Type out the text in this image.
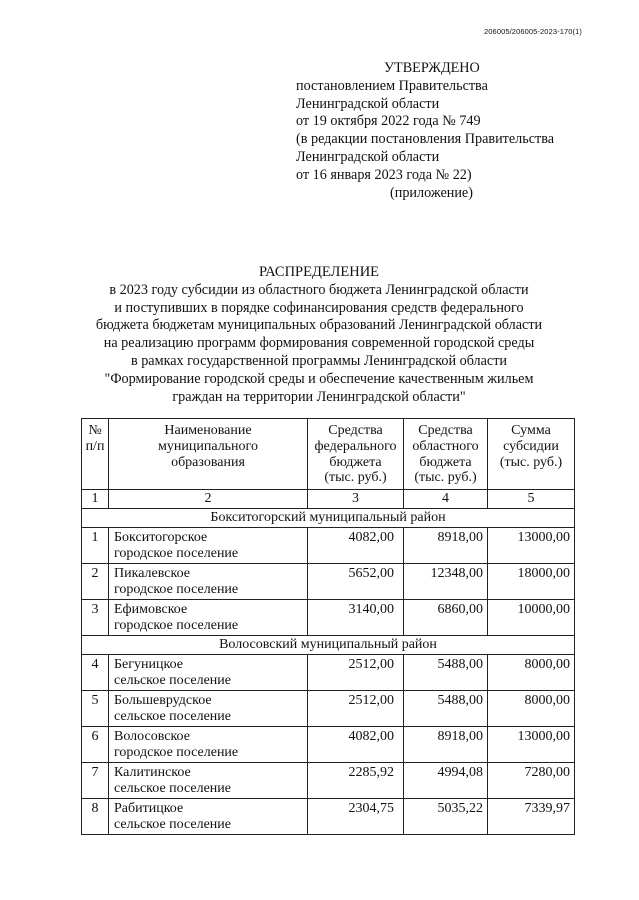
206005/206005-2023-170(1)
УТВЕРЖДЕНО
постановлением Правительства
Ленинградской области
от 19 октября 2022 года № 749
(в редакции постановления Правительства
Ленинградской области
от 16 января 2023 года № 22)
(приложение)
РАСПРЕДЕЛЕНИЕ
в 2023 году субсидии из областного бюджета Ленинградской области
и поступивших в порядке софинансирования средств федерального
бюджета бюджетам муниципальных образований Ленинградской области
на реализацию программ формирования современной городской среды
в рамках государственной программы Ленинградской области
"Формирование городской среды и обеспечение качественным жильем
граждан на территории Ленинградской области"
№
п/п	Наименование
муниципального
образования	Средства
федерального
бюджета
(тыс. руб.)	Средства
областного
бюджета
(тыс. руб.)	Сумма
субсидии
(тыс. руб.)
1	2	3	4	5
Бокситогорский муниципальный район				
1	Бокситогорское
городское поселение	4082,00	8918,00	13000,00
2	Пикалевское
городское поселение	5652,00	12348,00	18000,00
3	Ефимовское
городское поселение	3140,00	6860,00	10000,00
Волосовский муниципальный район				
4	Бегуницкое
сельское поселение	2512,00	5488,00	8000,00
5	Большеврудское
сельское поселение	2512,00	5488,00	8000,00
6	Волосовское
городское поселение	4082,00	8918,00	13000,00
7	Калитинское
сельское поселение	2285,92	4994,08	7280,00
8	Рабитицкое
сельское поселение	2304,75	5035,22	7339,97
